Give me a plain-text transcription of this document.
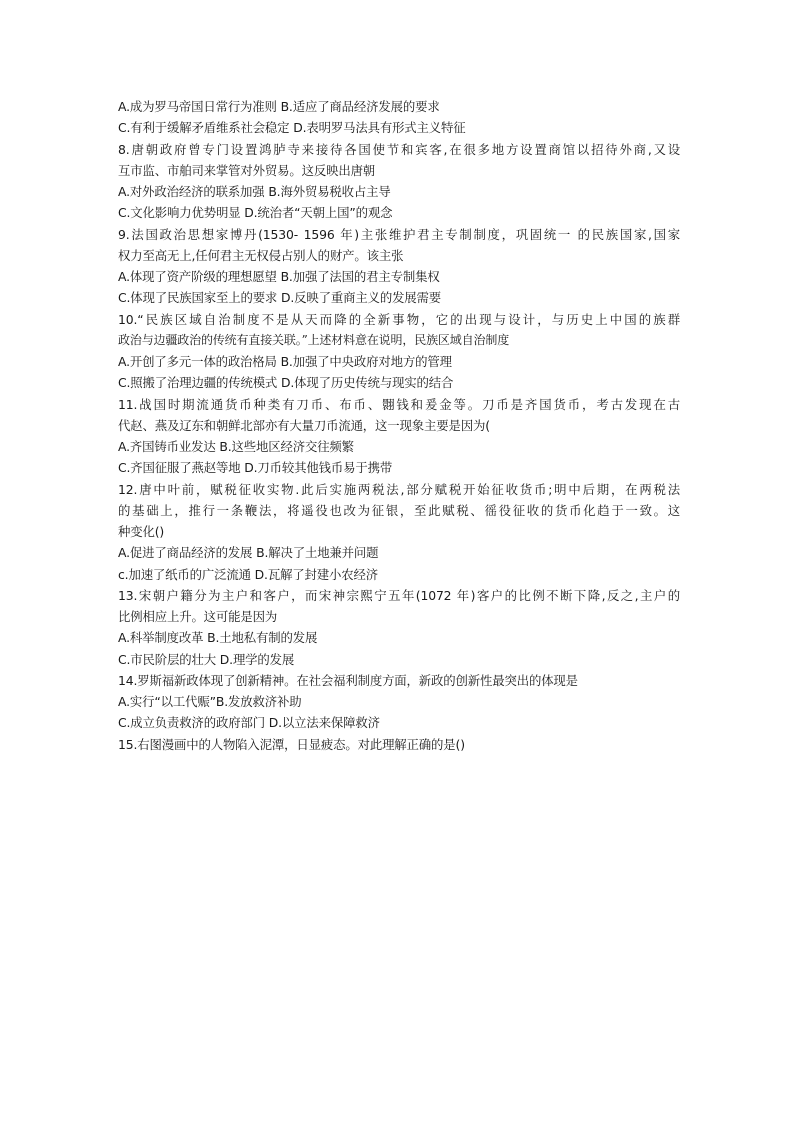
A.成为罗马帝国日常行为准则 B.适应了商品经济发展的要求
C.有利于缓解矛盾维系社会稳定 D.表明罗马法具有形式主义特征
8.唐朝政府曾专门设置鸿胪寺来接待各国使节和宾客,在很多地方设置商馆以招待外商,又设
互市监、市舶司来掌管对外贸易。这反映出唐朝
A.对外政治经济的联系加强 B.海外贸易税收占主导
C.文化影响力优势明显 D.统治者“天朝上国”的观念
9.法国政治思想家博丹(1530- 1596 年)主张维护君主专制制度，巩固统一 的民族国家,国家
权力至高无上,任何君主无权侵占别人的财产。该主张
A.体现了资产阶级的理想愿望 B.加强了法国的君主专制集权
C.体现了民族国家至上的要求 D.反映了重商主义的发展需要
10.“民族区域自治制度不是从天而降的全新事物，它的出现与设计，与历史上中国的族群
政治与边疆政治的传统有直接关联。”上述材料意在说明，民族区域自治制度
A.开创了多元一体的政治格局 B.加强了中央政府对地方的管理
C.照搬了治理边疆的传统模式 D.体现了历史传统与现实的结合
11.战国时期流通货币种类有刀币、布币、翾钱和爰金等。刀币是齐国货币，考古发现在古
代赵、燕及辽东和朝鲜北部亦有大量刀币流通，这一现象主要是因为(
A.齐国铸币业发达 B.这些地区经济交往频繁
C.齐国征服了燕赵等地 D.刀币较其他钱币易于携带
12.唐中叶前，赋税征收实物.此后实施两税法,部分赋税开始征收货币;明中后期，在两税法
的基础上，推行一条鞭法，将遥役也改为征银，至此赋税、徭役征收的货币化趋于一致。这
种变化()
A.促进了商品经济的发展 B.解决了土地兼并问题
c.加速了纸币的广泛流通 D.瓦解了封建小农经济
13.宋朝户籍分为主户和客户，而宋神宗熙宁五年(1072 年)客户的比例不断下降,反之,主户的
比例相应上升。这可能是因为
A.科举制度改革 B.土地私有制的发展
C.市民阶层的壮大 D.理学的发展
14.罗斯福新政体现了创新精神。在社会福利制度方面，新政的创新性最突出的体现是
A.实行“以工代赈”B.发放救济补助
C.成立负责救济的政府部门 D.以立法来保障救济
15.右图漫画中的人物陷入泥潭，日显疲态。对此理解正确的是()
